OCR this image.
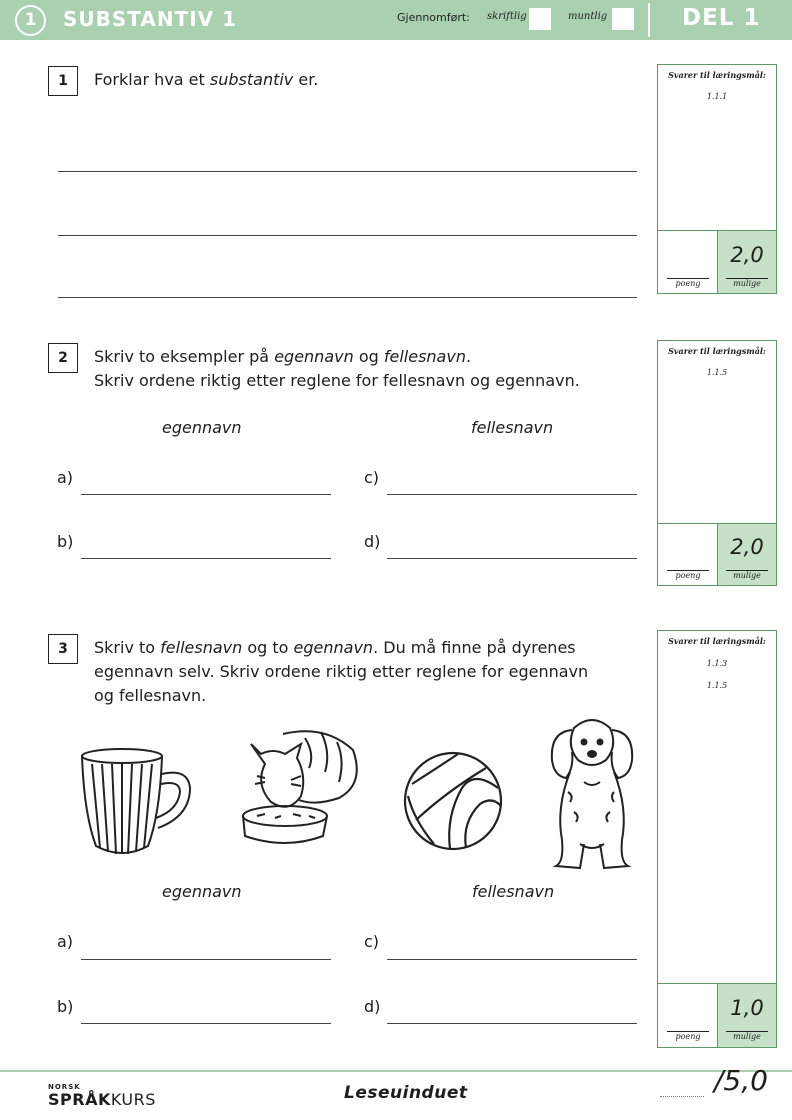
1	SUBSTANTIV 1	Gjennomført: skriftlig	muntlig	DEL 1
1	Forklar hva et substantiv er.
2	Skriv to eksempler på egennavn og fellesnavn.
Skriv ordene riktig etter reglene for fellesnavn og egennavn.
egennavn	fellesnavn
a)
b)
c)
d)
3	Skriv to fellesnavn og to egennavn. Du må finne på dyrenes
egennavn selv. Skriv ordene riktig etter reglene for egennavn
og fellesnavn.
egennavn	fellesnavn
a)
b)
c)
d)
Svarer til læringsmål:
1.1.1
poeng
2,0
mulige
Svarer til læringsmål:
1.1.5
poeng
2,0
mulige
Svarer til læringsmål:
1.1.3
1.1.5
poeng
1,0
mulige
NORSK
SPRÅKKURS	Leseuinduet	/5,0
